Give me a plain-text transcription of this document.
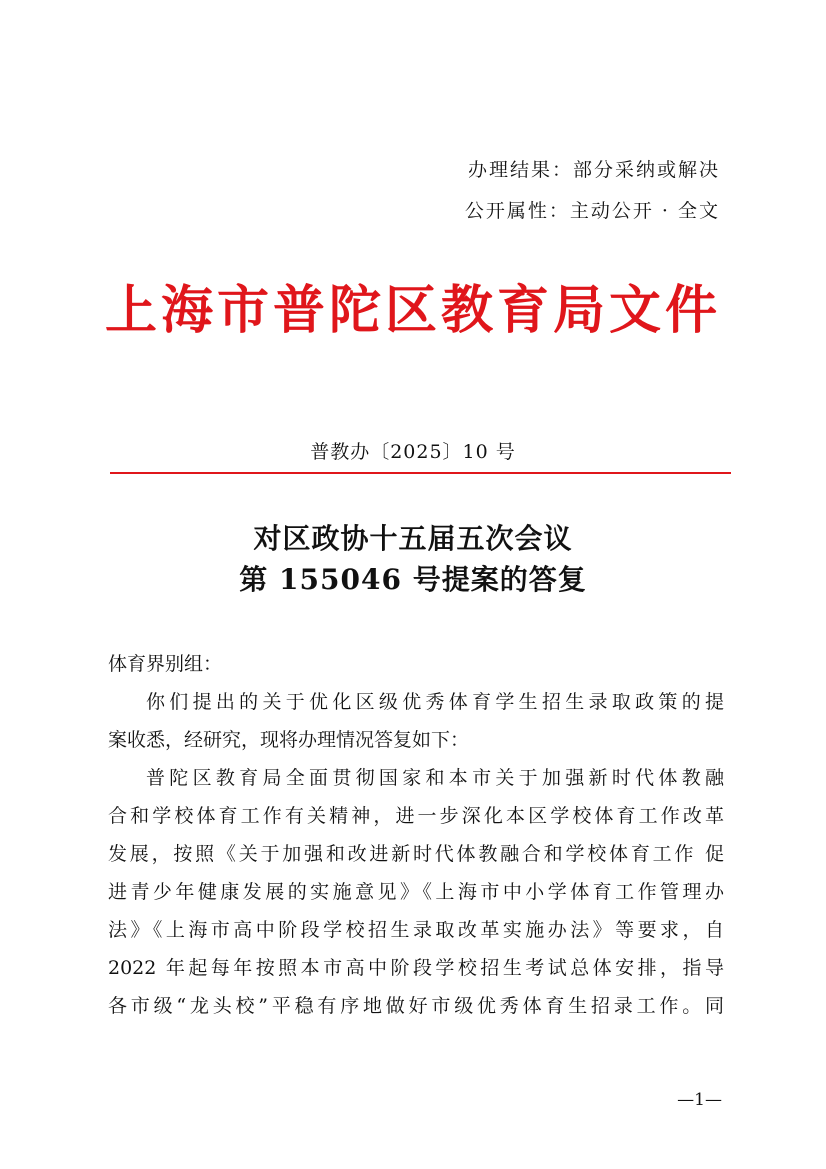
办理结果：部分采纳或解决
公开属性：主动公开 · 全文
上海市普陀区教育局文件
普教办〔2025〕10 号
对区政协十五届五次会议
第 155046 号提案的答复
体育界别组：
你们提出的关于优化区级优秀体育学生招生录取政策的提
案收悉，经研究，现将办理情况答复如下：
普陀区教育局全面贯彻国家和本市关于加强新时代体教融
合和学校体育工作有关精神，进一步深化本区学校体育工作改革
发展，按照《关于加强和改进新时代体教融合和学校体育工作 促
进青少年健康发展的实施意见》《上海市中小学体育工作管理办
法》《上海市高中阶段学校招生录取改革实施办法》等要求，自
2022 年起每年按照本市高中阶段学校招生考试总体安排，指导
各市级“龙头校”平稳有序地做好市级优秀体育生招录工作。同
—1—
